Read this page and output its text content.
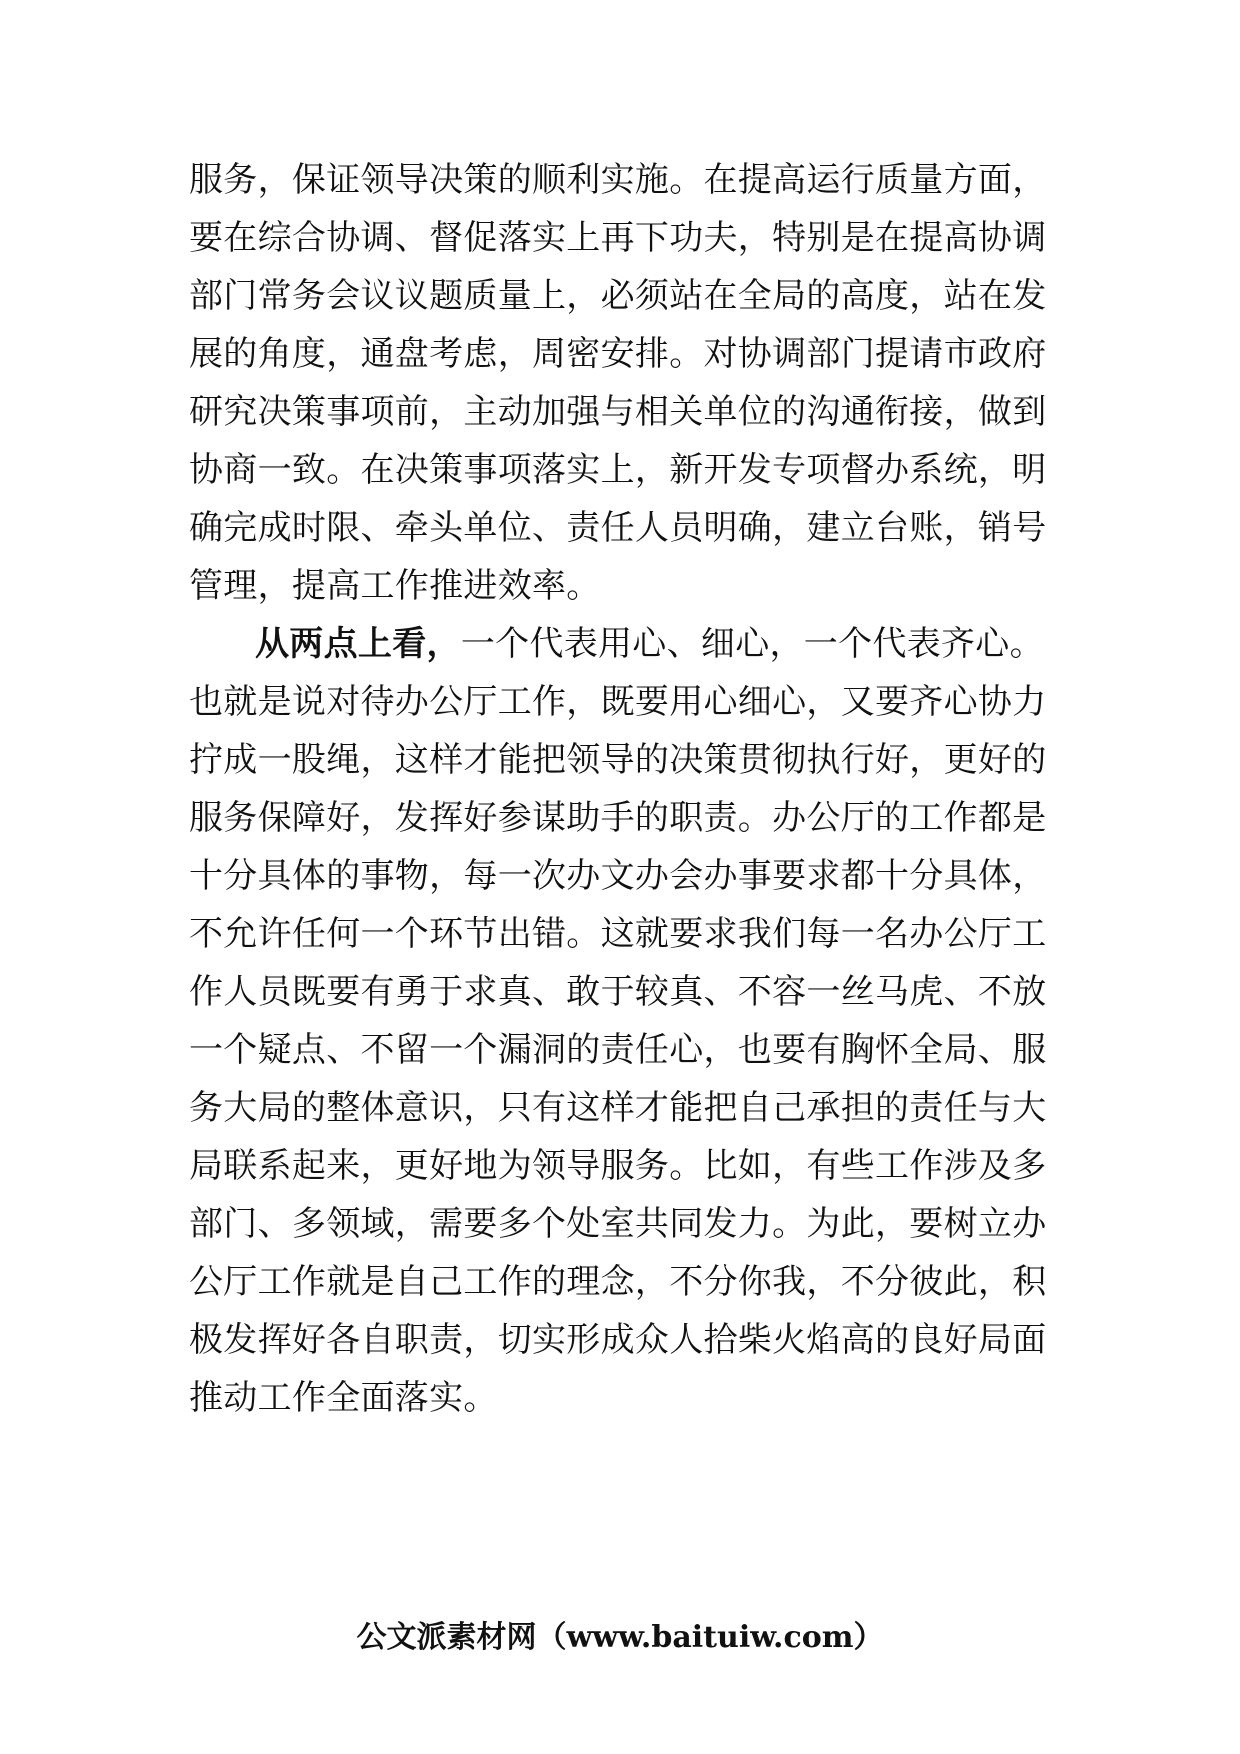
服务，保证领导决策的顺利实施。在提高运行质量方面，
要在综合协调、督促落实上再下功夫，特别是在提高协调
部门常务会议议题质量上，必须站在全局的高度，站在发
展的角度，通盘考虑，周密安排。对协调部门提请市政府
研究决策事项前，主动加强与相关单位的沟通衔接，做到
协商一致。在决策事项落实上，新开发专项督办系统，明
确完成时限、牵头单位、责任人员明确，建立台账，销号
管理，提高工作推进效率。
从两点上看，一个代表用心、细心，一个代表齐心。
也就是说对待办公厅工作，既要用心细心，又要齐心协力
拧成一股绳，这样才能把领导的决策贯彻执行好，更好的
服务保障好，发挥好参谋助手的职责。办公厅的工作都是
十分具体的事物，每一次办文办会办事要求都十分具体，
不允许任何一个环节出错。这就要求我们每一名办公厅工
作人员既要有勇于求真、敢于较真、不容一丝马虎、不放
一个疑点、不留一个漏洞的责任心，也要有胸怀全局、服
务大局的整体意识，只有这样才能把自己承担的责任与大
局联系起来，更好地为领导服务。比如，有些工作涉及多
部门、多领域，需要多个处室共同发力。为此，要树立办
公厅工作就是自己工作的理念，不分你我，不分彼此，积
极发挥好各自职责，切实形成众人拾柴火焰高的良好局面
推动工作全面落实。
公文派素材网（www.baituiw.com）
